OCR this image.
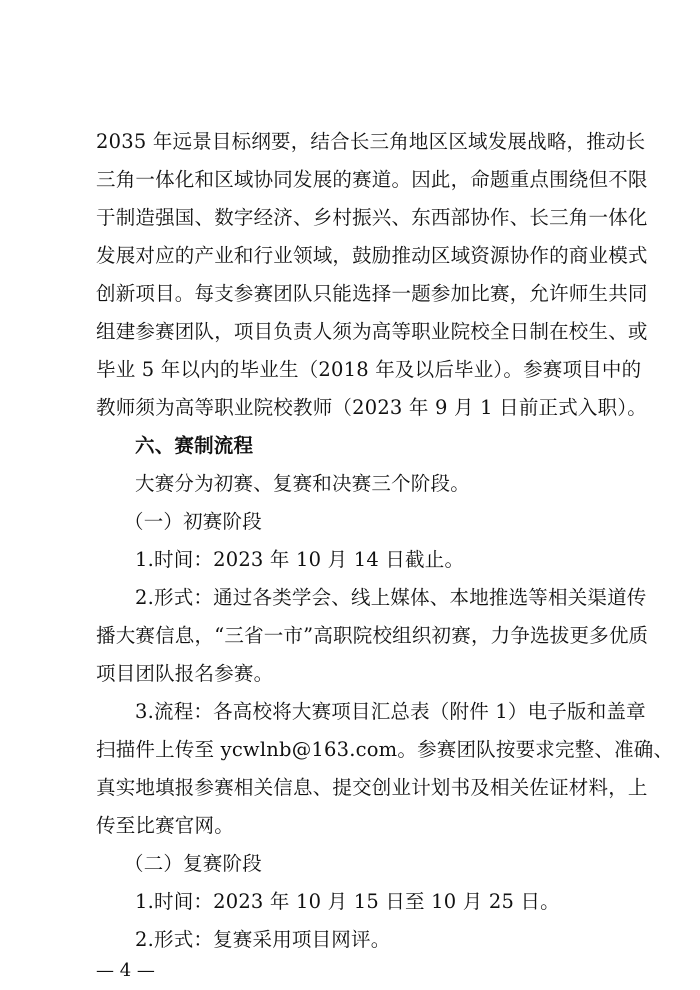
2035 年远景目标纲要，结合长三角地区区域发展战略，推动长
三角一体化和区域协同发展的赛道。因此，命题重点围绕但不限
于制造强国、数字经济、乡村振兴、东西部协作、长三角一体化
发展对应的产业和行业领域，鼓励推动区域资源协作的商业模式
创新项目。每支参赛团队只能选择一题参加比赛，允许师生共同
组建参赛团队，项目负责人须为高等职业院校全日制在校生、或
毕业 5 年以内的毕业生（2018 年及以后毕业）。参赛项目中的
教师须为高等职业院校教师（2023 年 9 月 1 日前正式入职）。
六、赛制流程
大赛分为初赛、复赛和决赛三个阶段。
（一）初赛阶段
1.时间：2023 年 10 月 14 日截止。
2.形式：通过各类学会、线上媒体、本地推选等相关渠道传
播大赛信息，“三省一市”高职院校组织初赛，力争选拔更多优质
项目团队报名参赛。
3.流程：各高校将大赛项目汇总表（附件 1）电子版和盖章
扫描件上传至 ycwlnb@163.com。参赛团队按要求完整、准确、
真实地填报参赛相关信息、提交创业计划书及相关佐证材料，上
传至比赛官网。
（二）复赛阶段
1.时间：2023 年 10 月 15 日至 10 月 25 日。
2.形式：复赛采用项目网评。
— 4 —
